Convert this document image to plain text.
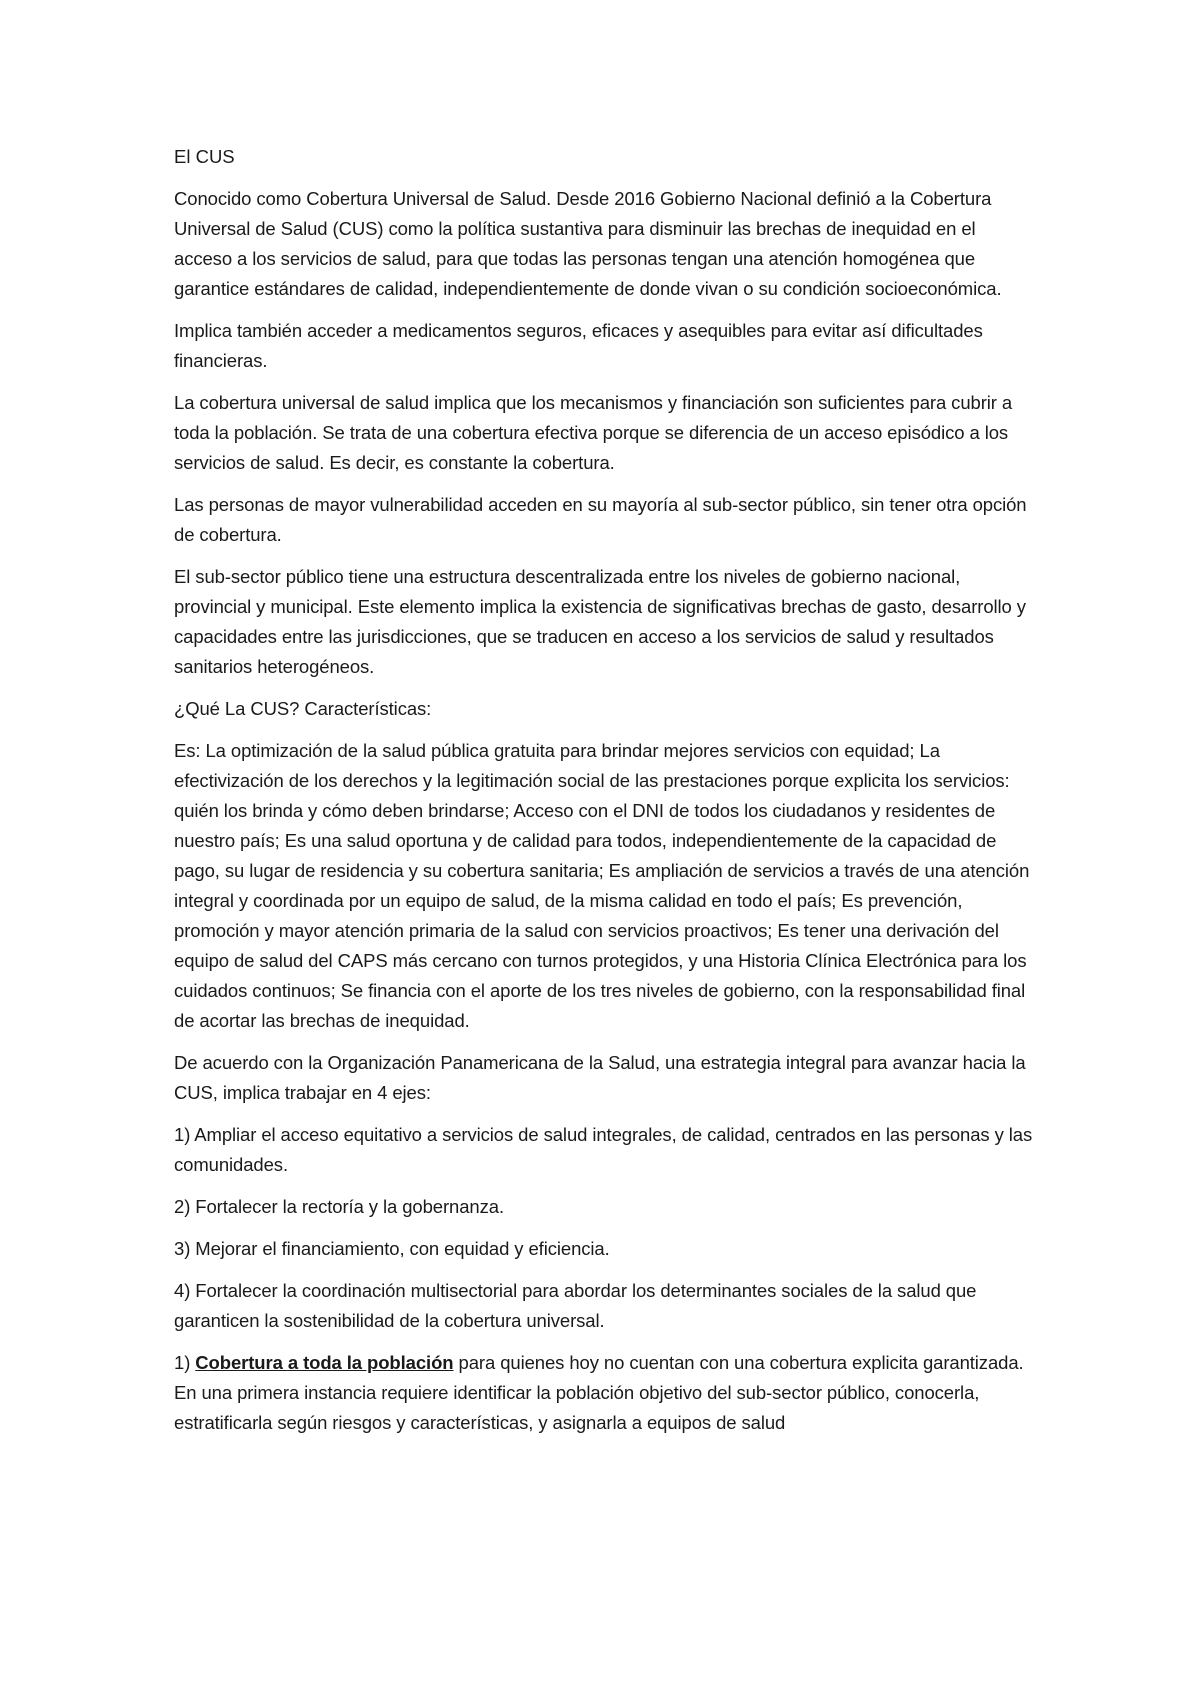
El CUS

Conocido como Cobertura Universal de Salud. Desde 2016 Gobierno Nacional definió a la Cobertura Universal de Salud (CUS) como la política sustantiva para disminuir las brechas de inequidad en el acceso a los servicios de salud, para que todas las personas tengan una atención homogénea que garantice estándares de calidad, independientemente de donde vivan o su condición socioeconómica.

Implica también acceder a medicamentos seguros, eficaces y asequibles para evitar así dificultades financieras.

La cobertura universal de salud implica que los mecanismos y financiación son suficientes para cubrir a toda la población. Se trata de una cobertura efectiva porque se diferencia de un acceso episódico a los servicios de salud. Es decir, es constante la cobertura.

Las personas de mayor vulnerabilidad acceden en su mayoría al sub-sector público, sin tener otra opción de cobertura.

El sub-sector público tiene una estructura descentralizada entre los niveles de gobierno nacional, provincial y municipal. Este elemento implica la existencia de significativas brechas de gasto, desarrollo y capacidades entre las jurisdicciones, que se traducen en acceso a los servicios de salud y resultados sanitarios heterogéneos.

¿Qué La CUS? Características:

Es: La optimización de la salud pública gratuita para brindar mejores servicios con equidad; La efectivización de los derechos y la legitimación social de las prestaciones porque explicita los servicios: quién los brinda y cómo deben brindarse; Acceso con el DNI de todos los ciudadanos y residentes de nuestro país; Es una salud oportuna y de calidad para todos, independientemente de la capacidad de pago, su lugar de residencia y su cobertura sanitaria; Es ampliación de servicios a través de una atención integral y coordinada por un equipo de salud, de la misma calidad en todo el país; Es prevención, promoción y mayor atención primaria de la salud con servicios proactivos; Es tener una derivación del equipo de salud del CAPS más cercano con turnos protegidos, y una Historia Clínica Electrónica para los cuidados continuos; Se financia con el aporte de los tres niveles de gobierno, con la responsabilidad final de acortar las brechas de inequidad.

De acuerdo con la Organización Panamericana de la Salud, una estrategia integral para avanzar hacia la CUS, implica trabajar en 4 ejes:

1) Ampliar el acceso equitativo a servicios de salud integrales, de calidad, centrados en las personas y las comunidades.

2) Fortalecer la rectoría y la gobernanza.

3) Mejorar el financiamiento, con equidad y eficiencia.

4) Fortalecer la coordinación multisectorial para abordar los determinantes sociales de la salud que garanticen la sostenibilidad de la cobertura universal.

1) Cobertura a toda la población para quienes hoy no cuentan con una cobertura explicita garantizada. En una primera instancia requiere identificar la población objetivo del sub-sector público, conocerla, estratificarla según riesgos y características, y asignarla a equipos de salud
